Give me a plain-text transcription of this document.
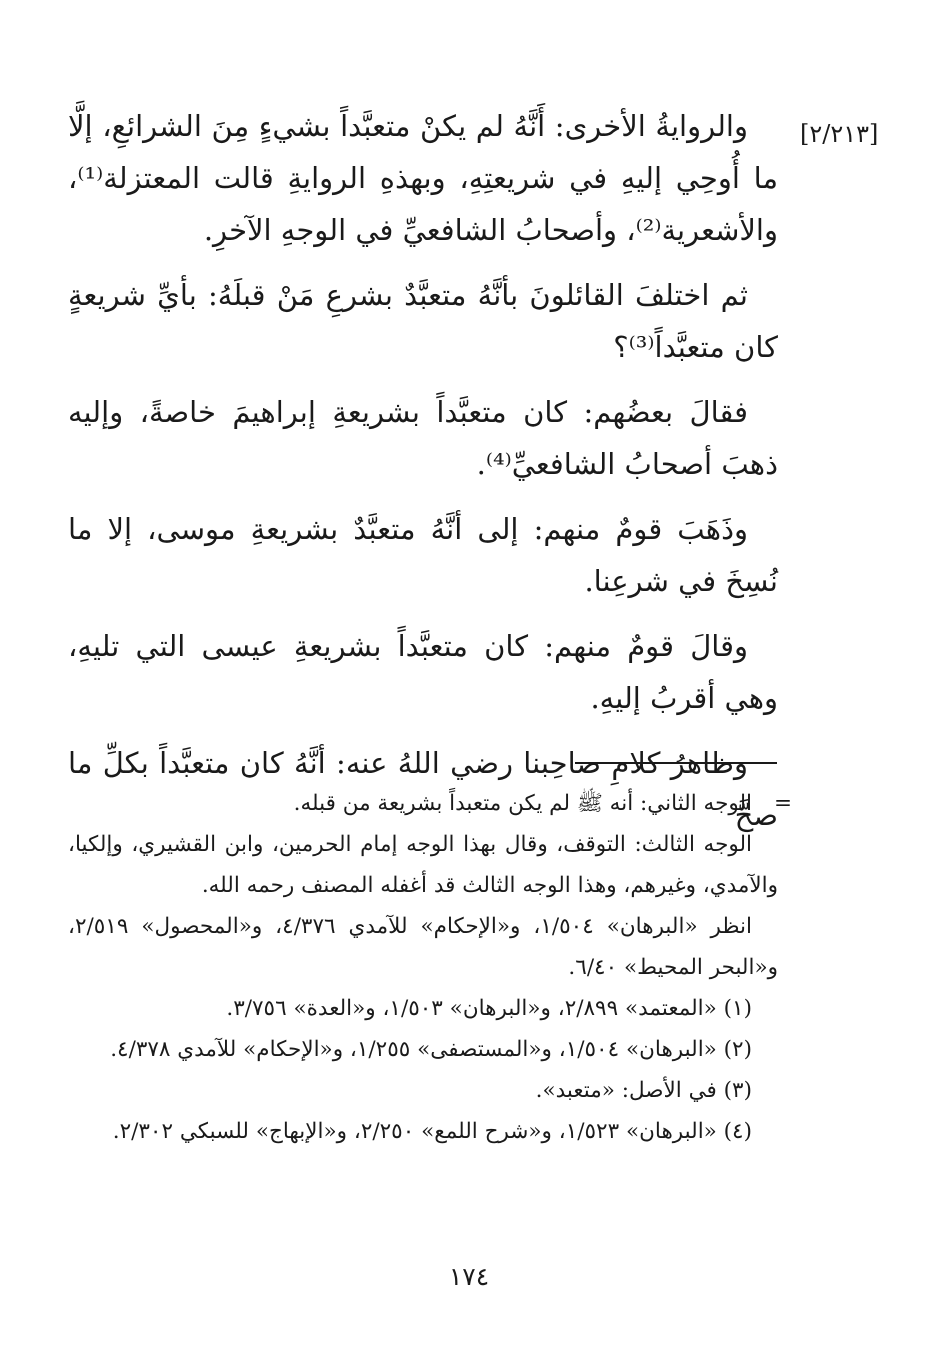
[٢/٢١٣]

والروايةُ الأخرى: أَنَّهُ لم يكنْ متعبَّداً بشيءٍ مِنَ الشرائعِ، إلَّا ما أُوحِي إليهِ في شريعتِهِ، وبهذهِ الروايةِ قالت المعتزلة⁽¹⁾، والأشعرية⁽²⁾، وأصحابُ الشافعيِّ في الوجهِ الآخرِ.

ثم اختلفَ القائلونَ بأنَّهُ متعبَّدٌ بشرعِ مَنْ قبلَهُ: بأيِّ شريعةٍ كان متعبَّداً⁽³⁾؟

فقالَ بعضُهم: كان متعبَّداً بشريعةِ إبراهيمَ خاصةً، وإليه ذهبَ أصحابُ الشافعيِّ⁽⁴⁾.

وذَهَبَ قومٌ منهم: إلى أنَّهُ متعبَّدٌ بشريعةِ موسى، إلا ما نُسِخَ في شرعِنا.

وقالَ قومٌ منهم: كان متعبَّداً بشريعةِ عيسى التي تليهِ، وهي أقربُ إليهِ.

وظاهرُ كلامِ صاحِبنا رضي اللهُ عنه: أنَّهُ كان متعبَّداً بكلِّ ما صحَّ

=
الوجه الثاني: أنه ﷺ لم يكن متعبداً بشريعة من قبله.

الوجه الثالث: التوقف، وقال بهذا الوجه إمام الحرمين، وابن القشيري، وإلكيا، والآمدي، وغيرهم، وهذا الوجه الثالث قد أغفله المصنف رحمه الله.

انظر «البرهان» ١/٥٠٤، و«الإحكام» للآمدي ٤/٣٧٦، و«المحصول» ٢/٥١٩، و«البحر المحيط» ٦/٤٠.

(١) «المعتمد» ٢/٨٩٩، و«البرهان» ١/٥٠٣، و«العدة» ٣/٧٥٦.

(٢) «البرهان» ١/٥٠٤، و«المستصفى» ١/٢٥٥، و«الإحكام» للآمدي ٤/٣٧٨.

(٣) في الأصل: «متعبد».

(٤) «البرهان» ١/٥٢٣، و«شرح اللمع» ٢/٢٥٠، و«الإبهاج» للسبكي ٢/٣٠٢.

١٧٤
